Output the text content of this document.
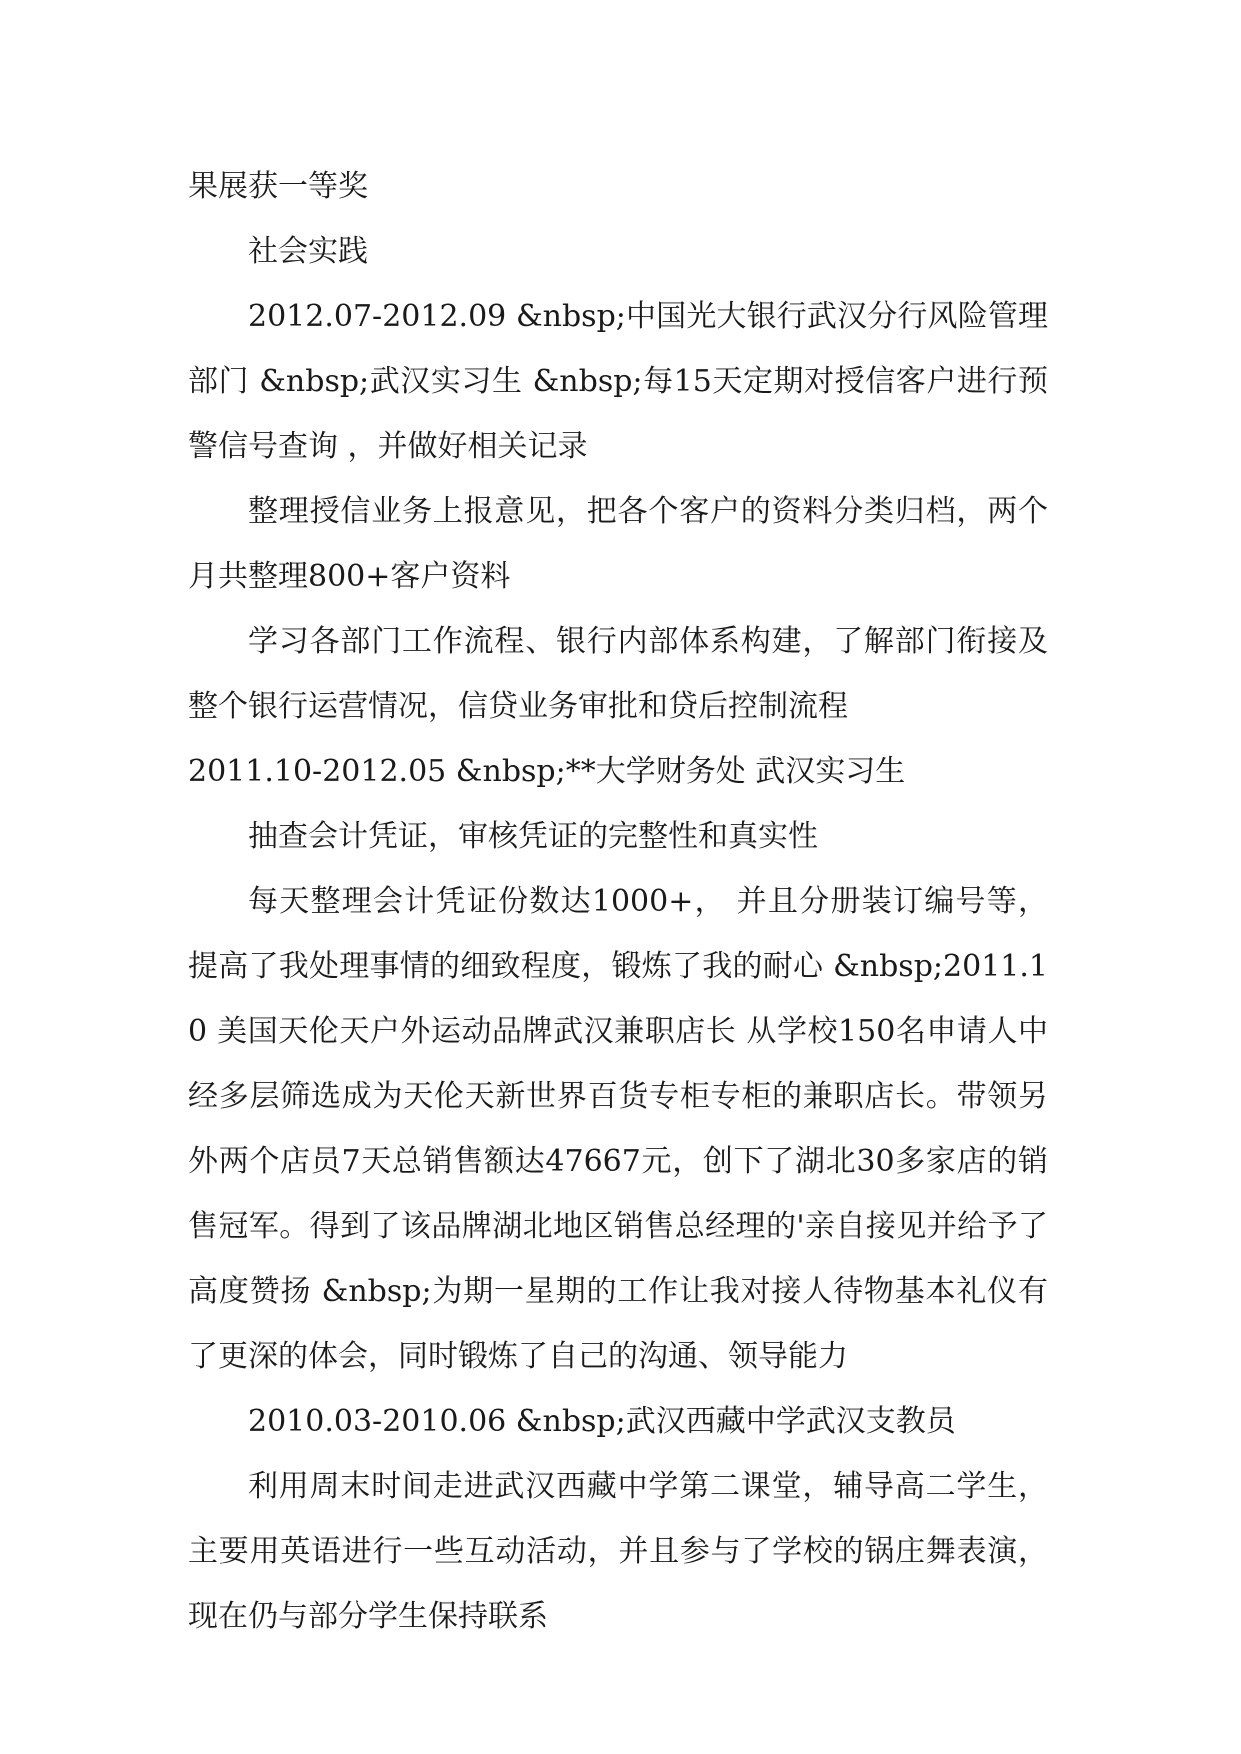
果展获一等奖

社会实践

2012.07-2012.09 &nbsp;中国光大银行武汉分行风险管理部门 &nbsp;武汉实习生 &nbsp;每15天定期对授信客户进行预警信号查询 ，并做好相关记录

整理授信业务上报意见，把各个客户的资料分类归档，两个月共整理800+客户资料

学习各部门工作流程、银行内部体系构建，了解部门衔接及整个银行运营情况，信贷业务审批和贷后控制流程

2011.10-2012.05 &nbsp;**大学财务处 武汉实习生

抽查会计凭证，审核凭证的完整性和真实性

每天整理会计凭证份数达1000+， 并且分册装订编号等，提高了我处理事情的细致程度，锻炼了我的耐心 &nbsp;2011.10 美国天伦天户外运动品牌武汉兼职店长 从学校150名申请人中经多层筛选成为天伦天新世界百货专柜专柜的兼职店长。带领另外两个店员7天总销售额达47667元，创下了湖北30多家店的销售冠军。得到了该品牌湖北地区销售总经理的'亲自接见并给予了高度赞扬 &nbsp;为期一星期的工作让我对接人待物基本礼仪有了更深的体会，同时锻炼了自己的沟通、领导能力

2010.03-2010.06 &nbsp;武汉西藏中学武汉支教员

利用周末时间走进武汉西藏中学第二课堂，辅导高二学生，主要用英语进行一些互动活动，并且参与了学校的锅庄舞表演，现在仍与部分学生保持联系
